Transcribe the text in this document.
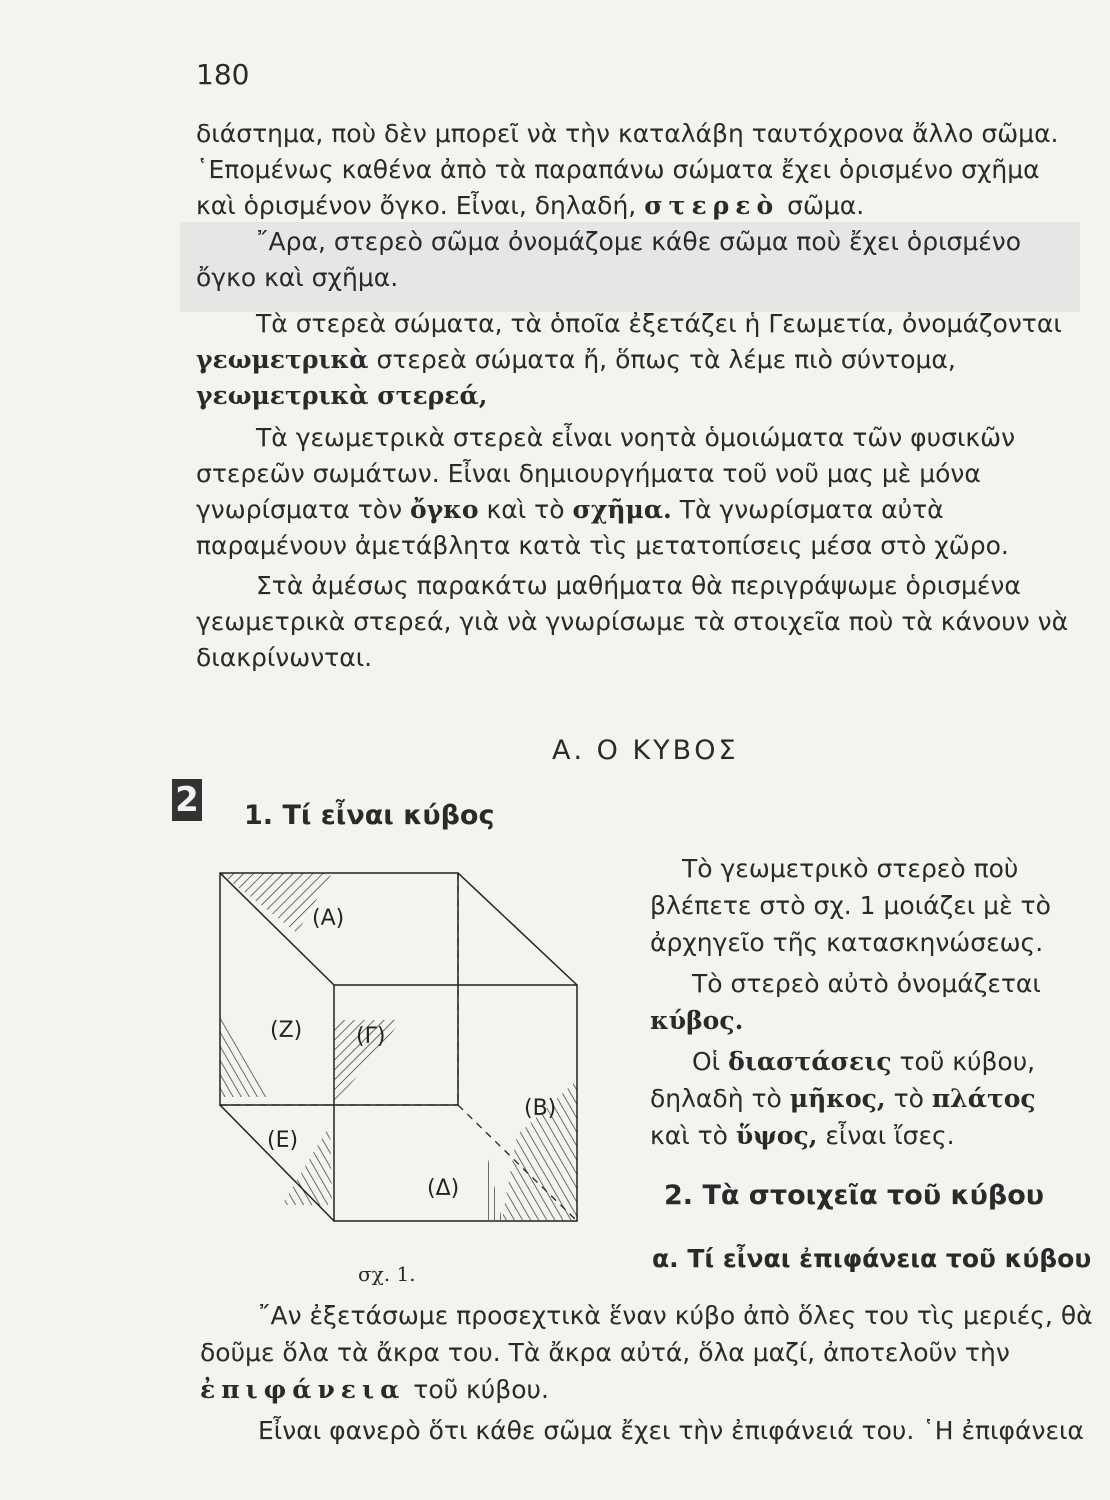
180

διάστημα, ποὺ δὲν μπορεῖ νὰ τὴν καταλάβη ταυτόχρονα ἄλλο σῶμα. ῾Επομένως καθένα ἀπὸ τὰ παραπάνω σώματα ἔχει ὁρισμένο σχῆμα καὶ ὁρισμένον ὄγκο. Εἶναι, δηλαδή, στερεὸ σῶμα.

῎Αρα, στερεὸ σῶμα ὀνομάζομε κάθε σῶμα ποὺ ἔχει ὁρισμένο ὄγκο καὶ σχῆμα.

Τὰ στερεὰ σώματα, τὰ ὁποῖα ἐξετάζει ἡ Γεωμετία, ὀνομάζονται γεωμετρικὰ στερεὰ σώματα ἤ, ὅπως τὰ λέμε πιὸ σύντομα, γεωμετρικὰ στερεά,

Τὰ γεωμετρικὰ στερεὰ εἶναι νοητὰ ὁμοιώματα τῶν φυσικῶν στερεῶν σωμάτων. Εἶναι δημιουργήματα τοῦ νοῦ μας μὲ μόνα γνωρίσματα τὸν ὄγκο καὶ τὸ σχῆμα. Τὰ γνωρίσματα αὐτὰ παραμένουν ἀμετάβλητα κατὰ τὶς μετατοπίσεις μέσα στὸ χῶρο.

Στὰ ἀμέσως παρακάτω μαθήματα θὰ περιγράψωμε ὁρισμένα γεωμετρικὰ στερεά, γιὰ νὰ γνωρίσωμε τὰ στοιχεῖα ποὺ τὰ κάνουν νὰ διακρίνωνται.

Α. Ο ΚΥΒΟΣ
2 1. Τί εἶναι κύβος
(Α)
(Ζ) (Γ)
(Β)
(Ε)
(Δ)
σχ. 1.

Τὸ γεωμετρικὸ στερεὸ ποὺ βλέπετε στὸ σχ. 1 μοιάζει μὲ τὸ ἀρχηγεῖο τῆς κατασκηνώσεως.

Τὸ στερεὸ αὐτὸ ὀνομάζεται κύβος.

Οἱ διαστάσεις τοῦ κύβου, δηλαδὴ τὸ μῆκος, τὸ πλάτος καὶ τὸ ὕψος, εἶναι ἴσες.

2. Τὰ στοιχεῖα τοῦ κύβου
α. Τί εἶναι ἐπιφάνεια τοῦ κύβου

῎Αν ἐξετάσωμε προσεχτικὰ ἕναν κύβο ἀπὸ ὅλες του τὶς μεριές, θὰ δοῦμε ὅλα τὰ ἄκρα του. Τὰ ἄκρα αὐτά, ὅλα μαζί, ἀποτελοῦν τὴν ἐπιφάνεια τοῦ κύβου.

Εἶναι φανερὸ ὅτι κάθε σῶμα ἔχει τὴν ἐπιφάνειά του. ῾Η ἐπιφάνεια
